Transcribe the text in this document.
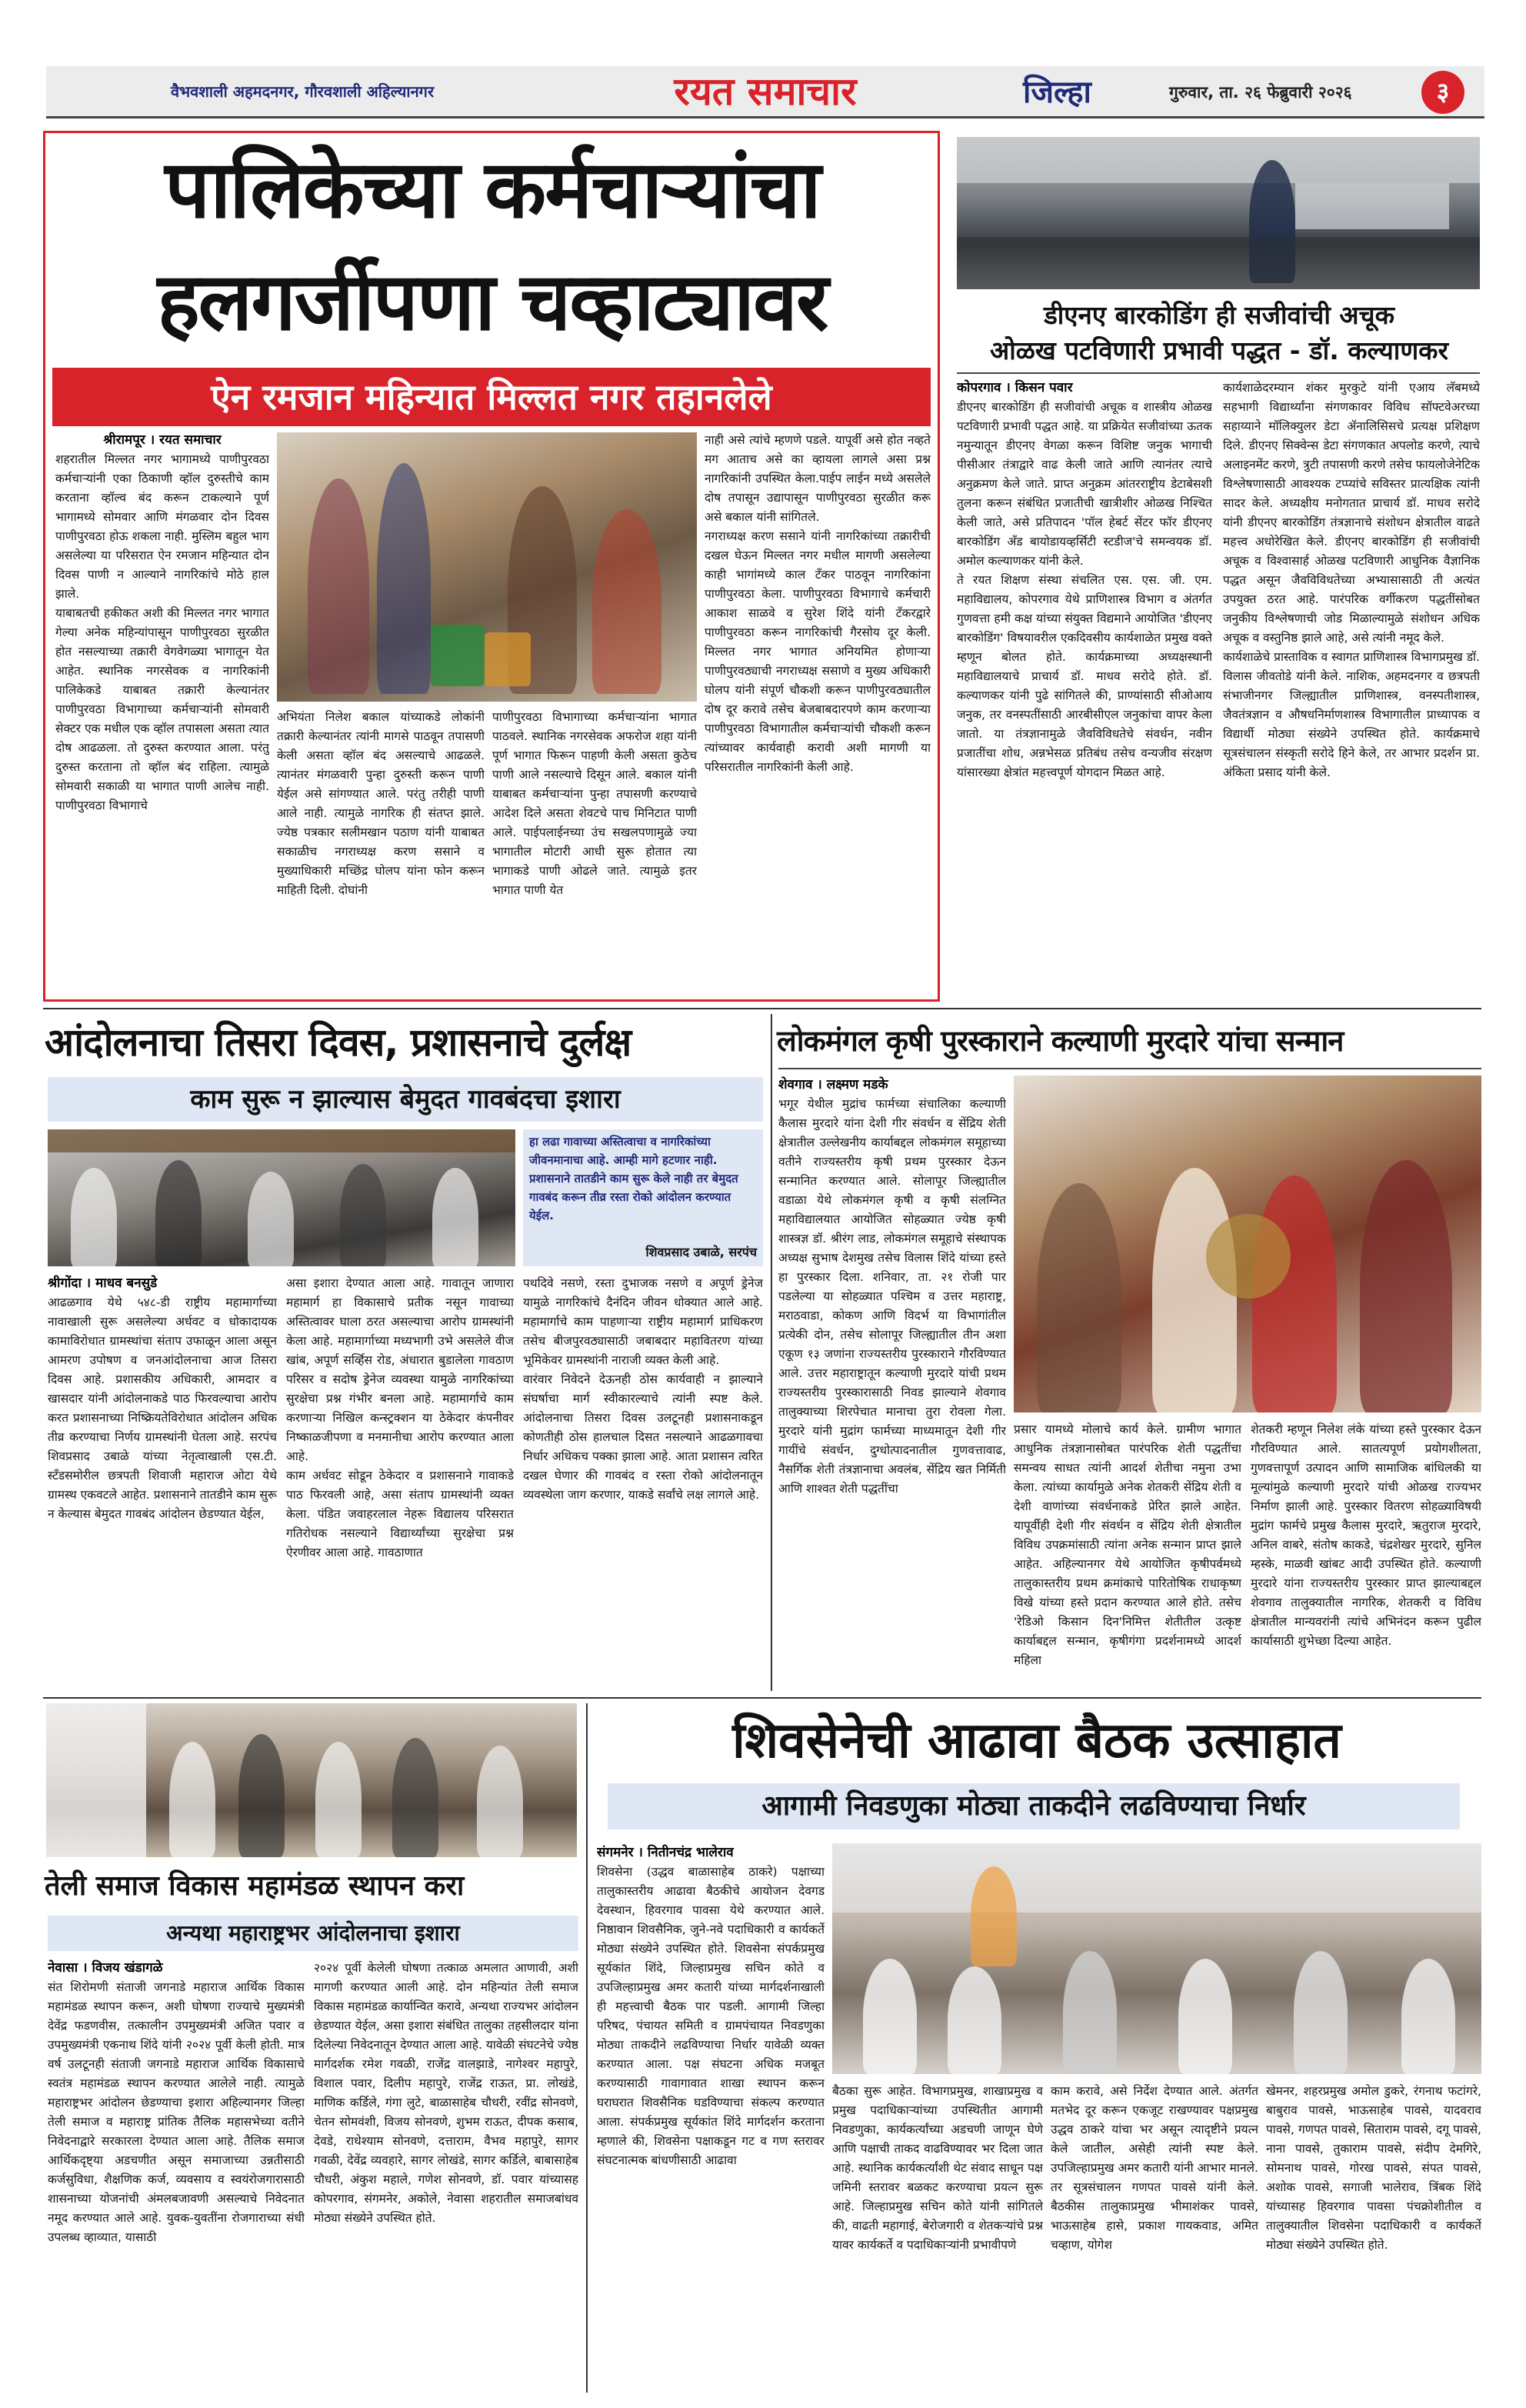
वैभवशाली अहमदनगर, गौरवशाली अहिल्यानगर	रयत समाचार	जिल्हा	गुरुवार, ता. २६ फेब्रुवारी २०२६	३
पालिकेच्या कर्मचाऱ्यांचा
हलगर्जीपणा चव्हाट्यावर
ऐन रमजान महिन्यात मिल्लत नगर तहानलेले

श्रीरामपूर । रयत समाचार

शहरातील मिल्लत नगर भागामध्ये पाणीपुरवठा कर्मचाऱ्यांनी एका ठिकाणी व्हॉल दुरुस्तीचे काम करताना व्हॉल्व बंद करून टाकल्याने पूर्ण भागामध्ये सोमवार आणि मंगळवार दोन दिवस पाणीपुरवठा होऊ शकला नाही. मुस्लिम बहुल भाग असलेल्या या परिसरात ऐन रमजान महिन्यात दोन दिवस पाणी न आल्याने नागरिकांचे मोठे हाल झाले.
याबाबतची हकीकत अशी की मिल्लत नगर भागात गेल्या अनेक महिन्यांपासून पाणीपुरवठा सुरळीत होत नसल्याच्या तक्रारी वेगवेगळ्या भागातून येत आहेत. स्थानिक नगरसेवक व नागरिकांनी पालिकेकडे याबाबत तक्रारी केल्यानंतर पाणीपुरवठा विभागाच्या कर्मचाऱ्यांनी सोमवारी सेक्टर एक मधील एक व्हॉल तपासला असता त्यात दोष आढळला. तो दुरुस्त करण्यात आला. परंतु दुरुस्त करताना तो व्हॉल बंद राहिला. त्यामुळे सोमवारी सकाळी या भागात पाणी आलेच नाही. पाणीपुरवठा विभागाचे

अभियंता निलेश बकाल यांच्याकडे लोकांनी तक्रारी केल्यानंतर त्यांनी मागसे पाठवून तपासणी केली असता व्हॉल बंद असल्याचे आढळले. त्यानंतर मंगळवारी पुन्हा दुरुस्ती करून पाणी येईल असे सांगण्यात आले. परंतु तरीही पाणी आले नाही. त्यामुळे नागरिक ही संतप्त झाले. ज्येष्ठ पत्रकार सलीमखान पठाण यांनी याबाबत सकाळीच नगराध्यक्ष करण ससाने व मुख्याधिकारी मच्छिंद्र घोलप यांना फोन करून माहिती दिली. दोघांनी

पाणीपुरवठा विभागाच्या कर्मचाऱ्यांना भागात पाठवले. स्थानिक नगरसेवक अफरोज शहा यांनी पूर्ण भागात फिरून पाहणी केली असता कुठेच पाणी आले नसल्याचे दिसून आले. बकाल यांनी याबाबत कर्मचाऱ्यांना पुन्हा तपासणी करण्याचे आदेश दिले असता शेवटचे पाच मिनिटात पाणी आले. पाईपलाईनच्या उंच सखलपणामुळे ज्या भागातील मोटारी आधी सुरू होतात त्या भागाकडे पाणी ओढले जाते. त्यामुळे इतर भागात पाणी येत

नाही असे त्यांचे म्हणणे पडले. यापूर्वी असे होत नव्हते मग आताच असे का व्हायला लागले असा प्रश्न नागरिकांनी उपस्थित केला.पाईप लाईन मध्ये असलेले दोष तपासून उद्यापासून पाणीपुरवठा सुरळीत करू असे बकाल यांनी सांगितले.
नगराध्यक्ष करण ससाने यांनी नागरिकांच्या तक्रारीची दखल घेऊन मिल्लत नगर मधील मागणी असलेल्या काही भागांमध्ये काल टँकर पाठवून नागरिकांना पाणीपुरवठा केला. पाणीपुरवठा विभागाचे कर्मचारी आकाश साळवे व सुरेश शिंदे यांनी टँकरद्वारे पाणीपुरवठा करून नागरिकांची गैरसोय दूर केली. मिल्लत नगर भागात अनियमित होणाऱ्या पाणीपुरवठ्याची नगराध्यक्ष ससाणे व मुख्य अधिकारी घोलप यांनी संपूर्ण चौकशी करून पाणीपुरवठ्यातील दोष दूर करावे तसेच बेजबाबदारपणे काम करणाऱ्या पाणीपुरवठा विभागातील कर्मचाऱ्यांची चौकशी करून त्यांच्यावर कार्यवाही करावी अशी मागणी या परिसरातील नागरिकांनी केली आहे.

डीएनए बारकोडिंग ही सजीवांची अचूक
ओळख पटविणारी प्रभावी पद्धत - डॉ. कल्याणकर

कोपरगाव । किसन पवार

डीएनए बारकोडिंग ही सजीवांची अचूक व शास्त्रीय ओळख पटविणारी प्रभावी पद्धत आहे. या प्रक्रियेत सजीवांच्या ऊतक नमुन्यातून डीएनए वेगळा करून विशिष्ट जनुक भागाची पीसीआर तंत्राद्वारे वाढ केली जाते आणि त्यानंतर त्याचे अनुक्रमण केले जाते. प्राप्त अनुक्रम आंतरराष्ट्रीय डेटाबेसशी तुलना करून संबंधित प्रजातीची खात्रीशीर ओळख निश्चित केली जाते, असे प्रतिपादन 'पॉल हेबर्ट सेंटर फॉर डीएनए बारकोडिंग अँड बायोडायव्हर्सिटी स्टडीज'चे समन्वयक डॉ. अमोल कल्याणकर यांनी केले.
ते रयत शिक्षण संस्था संचलित एस. एस. जी. एम. महाविद्यालय, कोपरगाव येथे प्राणिशास्त्र विभाग व अंतर्गत गुणवत्ता हमी कक्ष यांच्या संयुक्त विद्यमाने आयोजित 'डीएनए बारकोडिंग' विषयावरील एकदिवसीय कार्यशाळेत प्रमुख वक्ते म्हणून बोलत होते. कार्यक्रमाच्या अध्यक्षस्थानी महाविद्यालयाचे प्राचार्य डॉ. माधव सरोदे होते. डॉ. कल्याणकर यांनी पुढे सांगितले की, प्राण्यांसाठी सीओआय जनुक, तर वनस्पतींसाठी आरबीसीएल जनुकांचा वापर केला जातो. या तंत्रज्ञानामुळे जैवविविधतेचे संवर्धन, नवीन प्रजातींचा शोध, अन्नभेसळ प्रतिबंध तसेच वन्यजीव संरक्षण यांसारख्या क्षेत्रांत महत्त्वपूर्ण योगदान मिळत आहे.

कार्यशाळेदरम्यान शंकर मुरकुटे यांनी एआय लॅबमध्ये सहभागी विद्यार्थ्यांना संगणकावर विविध सॉफ्टवेअरच्या सहाय्याने मॉलिक्युलर डेटा ॲनालिसिसचे प्रत्यक्ष प्रशिक्षण दिले. डीएनए सिक्वेन्स डेटा संगणकात अपलोड करणे, त्याचे अलाइनमेंट करणे, त्रुटी तपासणी करणे तसेच फायलोजेनेटिक विश्लेषणासाठी आवश्यक टप्प्यांचे सविस्तर प्रात्यक्षिक त्यांनी सादर केले. अध्यक्षीय मनोगतात प्राचार्य डॉ. माधव सरोदे यांनी डीएनए बारकोडिंग तंत्रज्ञानाचे संशोधन क्षेत्रातील वाढते महत्त्व अधोरेखित केले. डीएनए बारकोडिंग ही सजीवांची अचूक व विश्वासार्ह ओळख पटविणारी आधुनिक वैज्ञानिक पद्धत असून जैवविविधतेच्या अभ्यासासाठी ती अत्यंत उपयुक्त ठरत आहे. पारंपरिक वर्गीकरण पद्धतींसोबत जनुकीय विश्लेषणाची जोड मिळाल्यामुळे संशोधन अधिक अचूक व वस्तुनिष्ठ झाले आहे, असे त्यांनी नमूद केले.
कार्यशाळेचे प्रास्ताविक व स्वागत प्राणिशास्त्र विभागप्रमुख डॉ. विलास जीवतोडे यांनी केले. नाशिक, अहमदनगर व छत्रपती संभाजीनगर जिल्ह्यातील प्राणिशास्त्र, वनस्पतीशास्त्र, जैवतंत्रज्ञान व औषधनिर्माणशास्त्र विभागातील प्राध्यापक व विद्यार्थी मोठ्या संख्येने उपस्थित होते. कार्यक्रमाचे सूत्रसंचालन संस्कृती सरोदे हिने केले, तर आभार प्रदर्शन प्रा. अंकिता प्रसाद यांनी केले.

आंदोलनाचा तिसरा दिवस, प्रशासनाचे दुर्लक्ष
काम सुरू न झाल्यास बेमुदत गावबंदचा इशारा
हा लढा गावाच्या अस्तित्वाचा व नागरिकांच्या जीवनमानाचा आहे. आम्ही मागे हटणार नाही. प्रशासनाने तातडीने काम सुरू केले नाही तर बेमुदत गावबंद करून तीव्र रस्ता रोको आंदोलन करण्यात येईल.
शिवप्रसाद उबाळे, सरपंच

श्रीगोंदा । माधव बनसुडे

आढळगाव येथे ५४८-डी राष्ट्रीय महामार्गाच्या नावाखाली सुरू असलेल्या अर्धवट व धोकादायक कामाविरोधात ग्रामस्थांचा संताप उफाळून आला असून आमरण उपोषण व जनआंदोलनाचा आज तिसरा दिवस आहे. प्रशासकीय अधिकारी, आमदार व खासदार यांनी आंदोलनाकडे पाठ फिरवल्याचा आरोप करत प्रशासनाच्या निष्क्रियतेविरोधात आंदोलन अधिक तीव्र करण्याचा निर्णय ग्रामस्थांनी घेतला आहे. सरपंच शिवप्रसाद उबाळे यांच्या नेतृत्वाखाली एस.टी. स्टँडसमोरील छत्रपती शिवाजी महाराज ओटा येथे ग्रामस्थ एकवटले आहेत. प्रशासनाने तातडीने काम सुरू न केल्यास बेमुदत गावबंद आंदोलन छेडण्यात येईल,

असा इशारा देण्यात आला आहे. गावातून जाणारा महामार्ग हा विकासाचे प्रतीक नसून गावाच्या अस्तित्वावर घाला ठरत असल्याचा आरोप ग्रामस्थांनी केला आहे. महामार्गाच्या मध्यभागी उभे असलेले वीज खांब, अपूर्ण सर्व्हिस रोड, अंधारात बुडालेला गावठाण परिसर व सदोष ड्रेनेज व्यवस्था यामुळे नागरिकांच्या सुरक्षेचा प्रश्न गंभीर बनला आहे. महामार्गाचे काम करणाऱ्या निखिल कन्स्ट्रक्शन या ठेकेदार कंपनीवर निष्काळजीपणा व मनमानीचा आरोप करण्यात आला आहे.
काम अर्धवट सोडून ठेकेदार व प्रशासनाने गावाकडे पाठ फिरवली आहे, असा संताप ग्रामस्थांनी व्यक्त केला. पंडित जवाहरलाल नेहरू विद्यालय परिसरात गतिरोधक नसल्याने विद्यार्थ्यांच्या सुरक्षेचा प्रश्न ऐरणीवर आला आहे. गावठाणात

पथदिवे नसणे, रस्ता दुभाजक नसणे व अपूर्ण ड्रेनेज यामुळे नागरिकांचे दैनंदिन जीवन धोक्यात आले आहे. महामार्गाचे काम पाहणाऱ्या राष्ट्रीय महामार्ग प्राधिकरण तसेच बीजपुरवठ्यासाठी जबाबदार महावितरण यांच्या भूमिकेवर ग्रामस्थांनी नाराजी व्यक्त केली आहे.
वारंवार निवेदने देऊनही ठोस कार्यवाही न झाल्याने संघर्षाचा मार्ग स्वीकारल्याचे त्यांनी स्पष्ट केले. आंदोलनाचा तिसरा दिवस उलटूनही प्रशासनाकडून कोणतीही ठोस हालचाल दिसत नसल्याने आढळगावचा निर्धार अधिकच पक्का झाला आहे. आता प्रशासन त्वरित दखल घेणार की गावबंद व रस्ता रोको आंदोलनातून व्यवस्थेला जाग करणार, याकडे सर्वांचे लक्ष लागले आहे.

लोकमंगल कृषी पुरस्काराने कल्याणी मुरदारे यांचा सन्मान

शेवगाव । लक्ष्मण मडके

भगूर येथील मुद्रांच फार्मच्या संचालिका कल्याणी कैलास मुरदारे यांना देशी गीर संवर्धन व सेंद्रिय शेती क्षेत्रातील उल्लेखनीय कार्याबद्दल लोकमंगल समूहाच्या वतीने राज्यस्तरीय कृषी प्रथम पुरस्कार देऊन सन्मानित करण्यात आले. सोलापूर जिल्ह्यातील वडाळा येथे लोकमंगल कृषी व कृषी संलग्नित महाविद्यालयात आयोजित सोहळ्यात ज्येष्ठ कृषी शास्त्रज्ञ डॉ. श्रीरंग लाड, लोकमंगल समूहाचे संस्थापक अध्यक्ष सुभाष देशमुख तसेच विलास शिंदे यांच्या हस्ते हा पुरस्कार दिला. शनिवार, ता. २१ रोजी पार पडलेल्या या सोहळ्यात पश्चिम व उत्तर महाराष्ट्र, मराठवाडा, कोकण आणि विदर्भ या विभागांतील प्रत्येकी दोन, तसेच सोलापूर जिल्ह्यातील तीन अशा एकूण १३ जणांना राज्यस्तरीय पुरस्काराने गौरविण्यात आले. उत्तर महाराष्ट्रातून कल्याणी मुरदारे यांची प्रथम राज्यस्तरीय पुरस्कारासाठी निवड झाल्याने शेवगाव तालुक्याच्या शिरपेचात मानाचा तुरा रोवला गेला. मुरदारे यांनी मुद्रांग फार्मच्या माध्यमातून देशी गीर गायींचे संवर्धन, दुग्धोत्पादनातील गुणवत्तावाढ, नैसर्गिक शेती तंत्रज्ञानाचा अवलंब, सेंद्रिय खत निर्मिती आणि शाश्वत शेती पद्धतींचा

प्रसार यामध्ये मोलाचे कार्य केले. ग्रामीण भागात आधुनिक तंत्रज्ञानासोबत पारंपरिक शेती पद्धतींचा समन्वय साधत त्यांनी आदर्श शेतीचा नमुना उभा केला. त्यांच्या कार्यामुळे अनेक शेतकरी सेंद्रिय शेती व देशी वाणांच्या संवर्धनाकडे प्रेरित झाले आहेत. यापूर्वीही देशी गीर संवर्धन व सेंद्रिय शेती क्षेत्रातील विविध उपक्रमांसाठी त्यांना अनेक सन्मान प्राप्त झाले आहेत. अहिल्यानगर येथे आयोजित कृषीपर्वमध्ये तालुकास्तरीय प्रथम क्रमांकाचे पारितोषिक राधाकृष्ण विखे यांच्या हस्ते प्रदान करण्यात आले होते. तसेच 'रेडिओ किसान दिन'निमित्त शेतीतील उत्कृष्ट कार्याबद्दल सन्मान, कृषीगंगा प्रदर्शनामध्ये आदर्श महिला

शेतकरी म्हणून निलेश लंके यांच्या हस्ते पुरस्कार देऊन गौरविण्यात आले. सातत्यपूर्ण प्रयोगशीलता, गुणवत्तापूर्ण उत्पादन आणि सामाजिक बांधिलकी या मूल्यांमुळे कल्याणी मुरदारे यांची ओळख राज्यभर निर्माण झाली आहे. पुरस्कार वितरण सोहळ्याविषयी मुद्रांग फार्मचे प्रमुख कैलास मुरदारे, ऋतुराज मुरदारे, अनिल वाबरे, संतोष काकडे, चंद्रशेखर मुरदारे, सुनिल म्हस्के, माळवी खांबट आदी उपस्थित होते. कल्याणी मुरदारे यांना राज्यस्तरीय पुरस्कार प्राप्त झाल्याबद्दल शेवगाव तालुक्यातील नागरिक, शेतकरी व विविध क्षेत्रातील मान्यवरांनी त्यांचे अभिनंदन करून पुढील कार्यासाठी शुभेच्छा दिल्या आहेत.

तेली समाज विकास महामंडळ स्थापन करा
अन्यथा महाराष्ट्रभर आंदोलनाचा इशारा

नेवासा । विजय खंडागळे

संत शिरोमणी संताजी जगनाडे महाराज आर्थिक विकास महामंडळ स्थापन करून, अशी घोषणा राज्याचे मुख्यमंत्री देवेंद्र फडणवीस, तत्कालीन उपमुख्यमंत्री अजित पवार व उपमुख्यमंत्री एकनाथ शिंदे यांनी २०२४ पूर्वी केली होती. मात्र वर्ष उलटूनही संताजी जगनाडे महाराज आर्थिक विकासाचे स्वतंत्र महामंडळ स्थापन करण्यात आलेले नाही. त्यामुळे महाराष्ट्रभर आंदोलन छेडण्याचा इशारा अहिल्यानगर जिल्हा तेली समाज व महाराष्ट्र प्रांतिक तैलिक महासभेच्या वतीने निवेदनाद्वारे सरकारला देण्यात आला आहे. तैलिक समाज आर्थिकदृष्ट्या अडचणीत असून समाजाच्या उन्नतीसाठी कर्जसुविधा, शैक्षणिक कर्ज, व्यवसाय व स्वयंरोजगारासाठी शासनाच्या योजनांची अंमलबजावणी असल्याचे निवेदनात नमूद करण्यात आले आहे. युवक-युवतींना रोजगाराच्या संधी उपलब्ध व्हाव्यात, यासाठी

२०२४ पूर्वी केलेली घोषणा तत्काळ अमलात आणावी, अशी मागणी करण्यात आली आहे. दोन महिन्यांत तेली समाज विकास महामंडळ कार्यान्वित करावे, अन्यथा राज्यभर आंदोलन छेडण्यात येईल, असा इशारा संबंधित तालुका तहसीलदार यांना दिलेल्या निवेदनातून देण्यात आला आहे. यावेळी संघटनेचे ज्येष्ठ मार्गदर्शक रमेश गवळी, राजेंद्र वालझाडे, नागेश्वर महापुरे, विशाल पवार, दिलीप महापुरे, राजेंद्र राऊत, प्रा. लोखंडे, माणिक कर्डिले, गंगा लुटे, बाळासाहेब चौधरी, रवींद्र सोनवणे, चेतन सोमवंशी, विजय सोनवणे, शुभम राऊत, दीपक कसाब, देवडे, राधेश्याम सोनवणे, दत्ताराम, वैभव महापुरे, सागर गवळी, देवेंद्र व्यवहारे, सागर लोखंडे, सागर कर्डिले, बाबासाहेब चौधरी, अंकुश महाले, गणेश सोनवणे, डॉ. पवार यांच्यासह कोपरगाव, संगमनेर, अकोले, नेवासा शहरातील समाजबांधव मोठ्या संख्येने उपस्थित होते.

शिवसेनेची आढावा बैठक उत्साहात
आगामी निवडणुका मोठ्या ताकदीने लढविण्याचा निर्धार

संगमनेर । नितीनचंद्र भालेराव

शिवसेना (उद्धव बाळासाहेब ठाकरे) पक्षाच्या तालुकास्तरीय आढावा बैठकीचे आयोजन देवगड देवस्थान, हिवरगाव पावसा येथे करण्यात आले. निष्ठावान शिवसैनिक, जुने-नवे पदाधिकारी व कार्यकर्ते मोठ्या संख्येने उपस्थित होते. शिवसेना संपर्कप्रमुख सूर्यकांत शिंदे, जिल्हाप्रमुख सचिन कोते व उपजिल्हाप्रमुख अमर कतारी यांच्या मार्गदर्शनाखाली ही महत्त्वाची बैठक पार पडली. आगामी जिल्हा परिषद, पंचायत समिती व ग्रामपंचायत निवडणुका मोठ्या ताकदीने लढविण्याचा निर्धार यावेळी व्यक्त करण्यात आला. पक्ष संघटना अधिक मजबूत करण्यासाठी गावागावात शाखा स्थापन करून घराघरात शिवसैनिक घडविण्याचा संकल्प करण्यात आला. संपर्कप्रमुख सूर्यकांत शिंदे मार्गदर्शन करताना म्हणाले की, शिवसेना पक्षाकडून गट व गण स्तरावर संघटनात्मक बांधणीसाठी आढावा

बैठका सुरू आहेत. विभागप्रमुख, शाखाप्रमुख व प्रमुख पदाधिकाऱ्यांच्या उपस्थितीत आगामी निवडणुका, कार्यकर्त्यांच्या अडचणी जाणून घेणे आणि पक्षाची ताकद वाढविण्यावर भर दिला जात आहे. स्थानिक कार्यकर्त्यांशी थेट संवाद साधून पक्ष जमिनी स्तरावर बळकट करण्याचा प्रयत्न सुरू आहे. जिल्हाप्रमुख सचिन कोते यांनी सांगितले की, वाढती महागाई, बेरोजगारी व शेतकऱ्यांचे प्रश्न यावर कार्यकर्ते व पदाधिकाऱ्यांनी प्रभावीपणे

काम करावे, असे निर्देश देण्यात आले. अंतर्गत मतभेद दूर करून एकजूट राखण्यावर पक्षप्रमुख उद्धव ठाकरे यांचा भर असून त्यादृष्टीने प्रयत्न केले जातील, असेही त्यांनी स्पष्ट केले. उपजिल्हाप्रमुख अमर कतारी यांनी आभार मानले. तर सूत्रसंचालन गणपत पावसे यांनी केले. बैठकीस तालुकाप्रमुख भीमाशंकर पावसे, भाऊसाहेब हासे, प्रकाश गायकवाड, अमित चव्हाण, योगेश

खेमनर, शहरप्रमुख अमोल डुकरे, रंगनाथ फटांगरे, बाबुराव पावसे, भाऊसाहेब पावसे, यादवराव पावसे, गणपत पावसे, सिताराम पावसे, दगू पावसे, नाना पावसे, तुकाराम पावसे, संदीप देमगिरे, सोमनाथ पावसे, गोरख पावसे, संपत पावसे, अशोक पावसे, सगाजी भालेराव, त्रिंबक शिंदे यांच्यासह हिवरगाव पावसा पंचक्रोशीतील व तालुक्यातील शिवसेना पदाधिकारी व कार्यकर्ते मोठ्या संख्येने उपस्थित होते.
